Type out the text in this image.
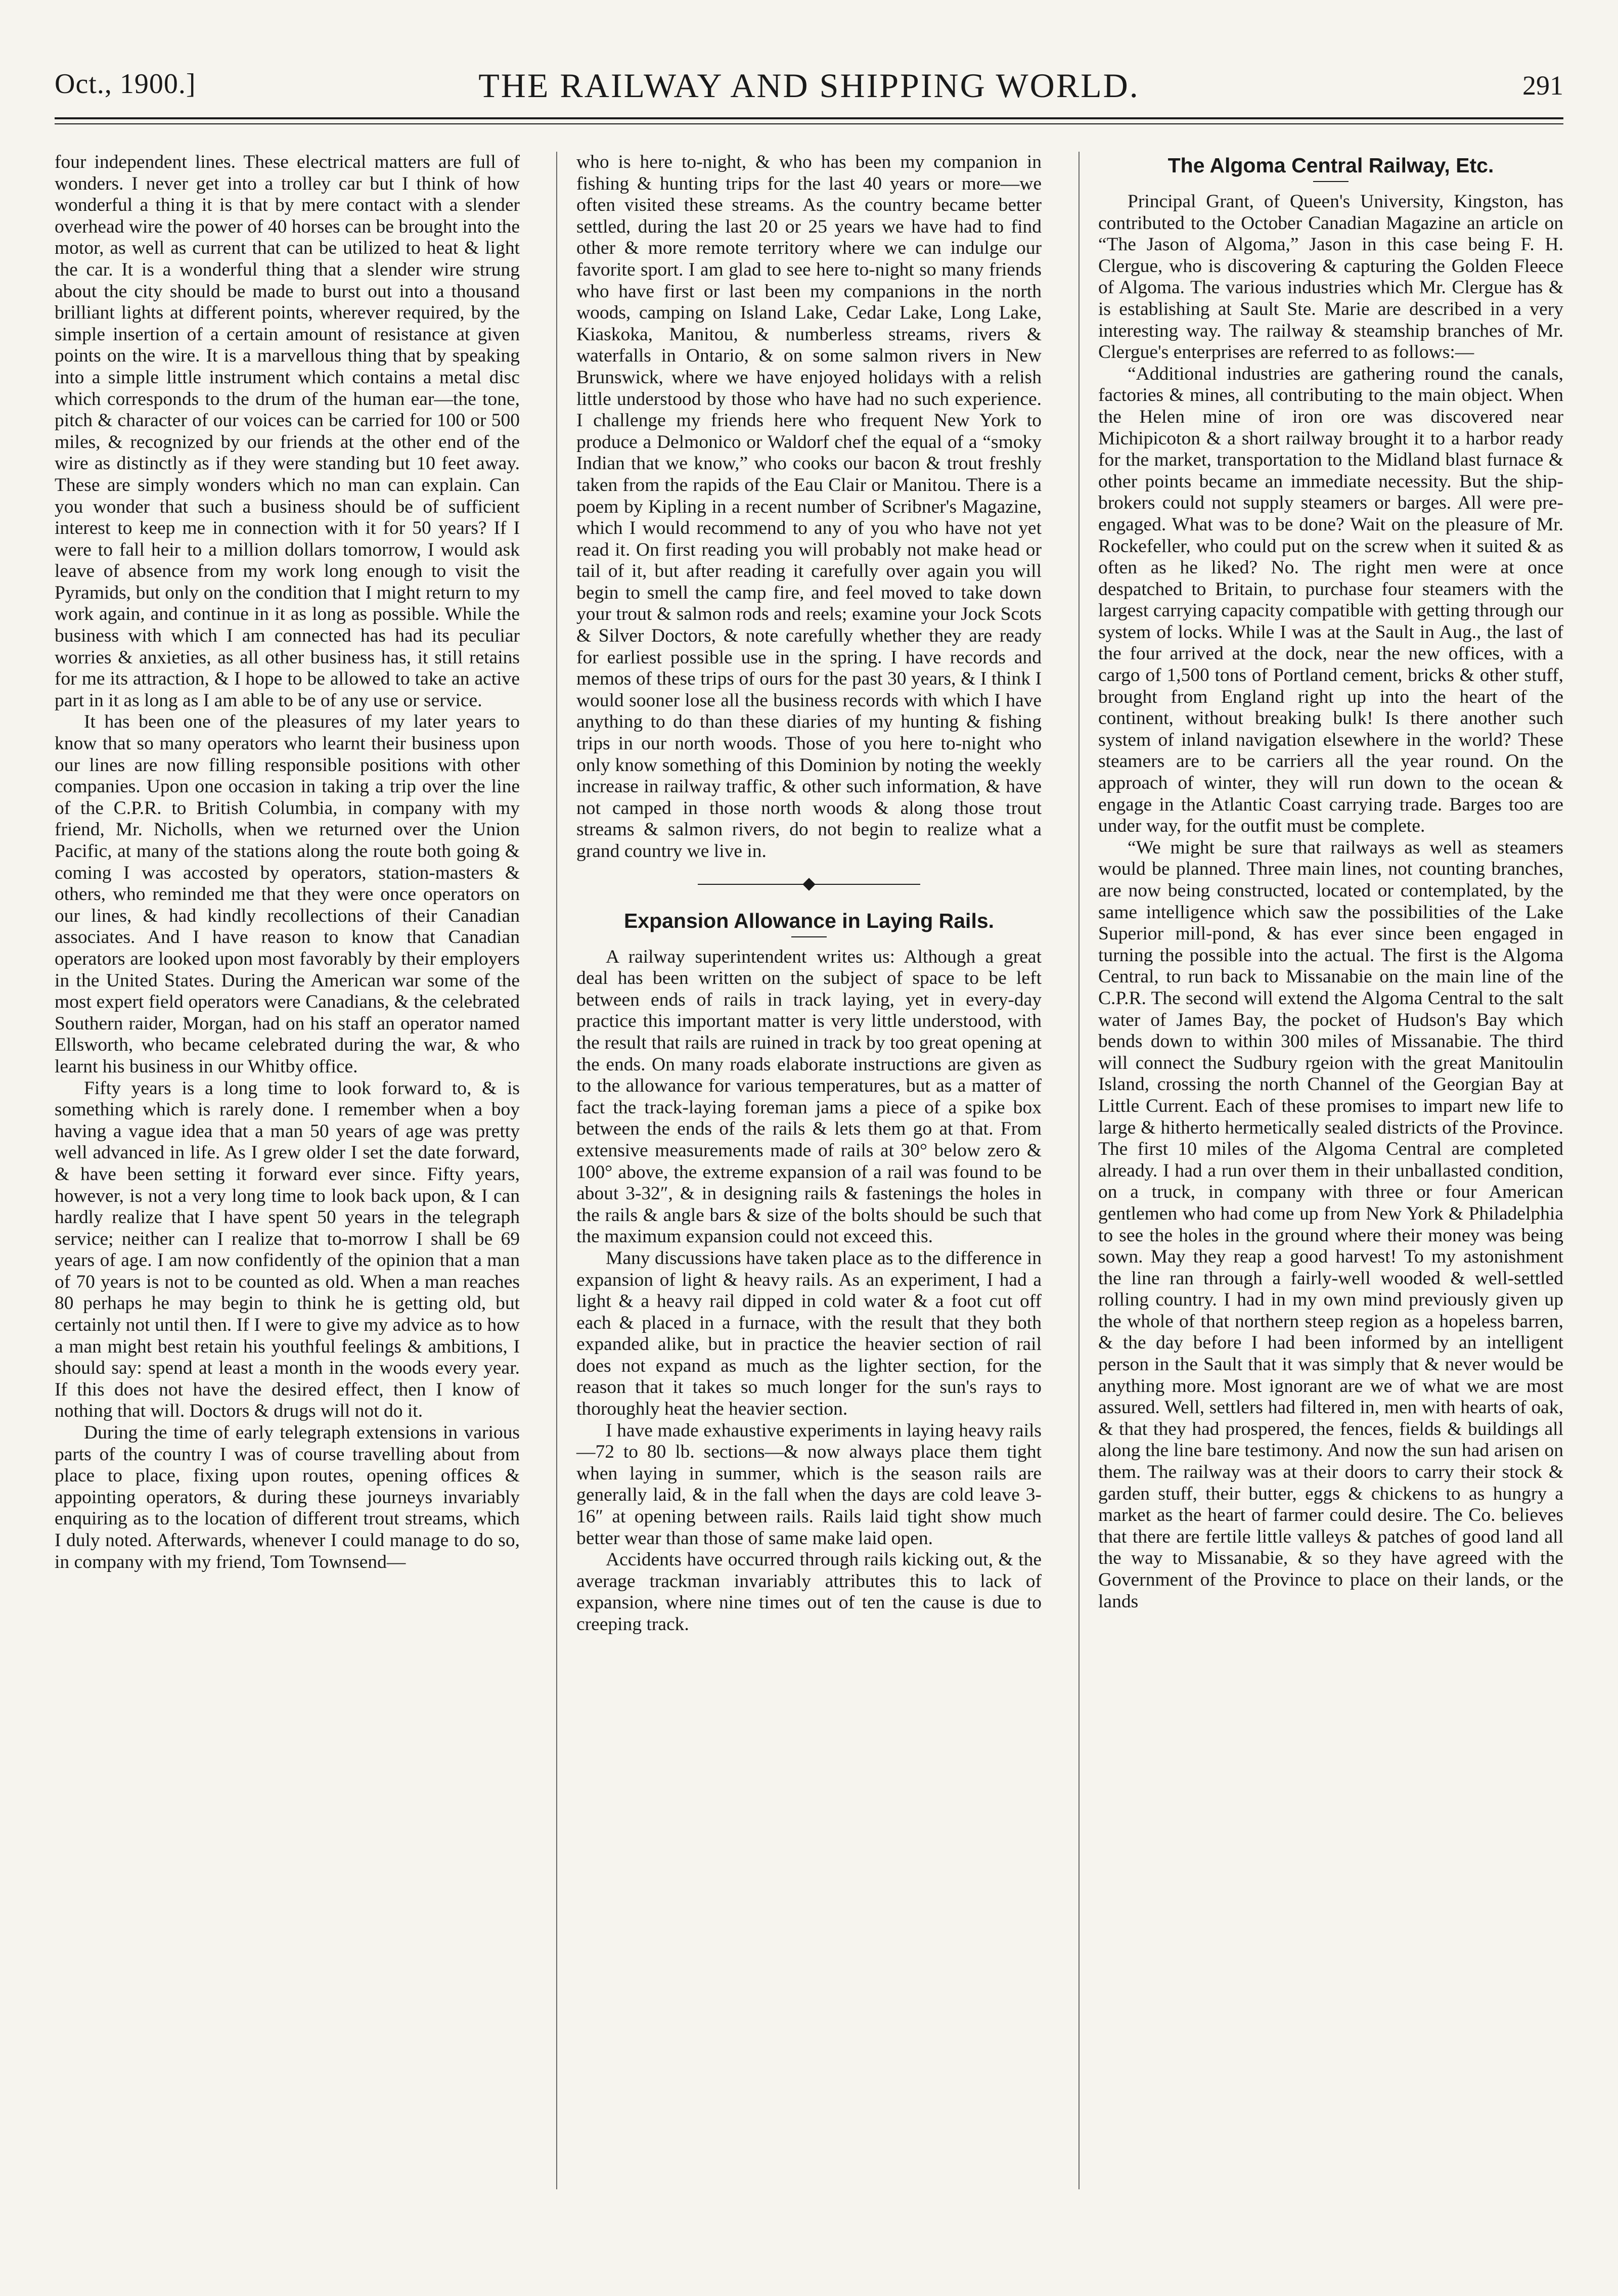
Oct., 1900.]	THE RAILWAY AND SHIPPING WORLD.	291

four independent lines. These electrical matters are full of wonders. I never get into a trolley car but I think of how wonderful a thing it is that by mere contact with a slender overhead wire the power of 40 horses can be brought into the motor, as well as current that can be utilized to heat & light the car. It is a wonderful thing that a slender wire strung about the city should be made to burst out into a thousand brilliant lights at different points, wherever required, by the simple insertion of a certain amount of resistance at given points on the wire. It is a marvellous thing that by speaking into a simple little instrument which contains a metal disc which corresponds to the drum of the human ear—the tone, pitch & character of our voices can be carried for 100 or 500 miles, & recognized by our friends at the other end of the wire as distinctly as if they were standing but 10 feet away. These are simply wonders which no man can explain. Can you wonder that such a business should be of sufficient interest to keep me in connection with it for 50 years? If I were to fall heir to a million dollars tomorrow, I would ask leave of absence from my work long enough to visit the Pyramids, but only on the condition that I might return to my work again, and continue in it as long as possible. While the business with which I am connected has had its peculiar worries & anxieties, as all other business has, it still retains for me its attraction, & I hope to be allowed to take an active part in it as long as I am able to be of any use or service.

It has been one of the pleasures of my later years to know that so many operators who learnt their business upon our lines are now filling responsible positions with other companies. Upon one occasion in taking a trip over the line of the C.P.R. to British Columbia, in company with my friend, Mr. Nicholls, when we returned over the Union Pacific, at many of the stations along the route both going & coming I was accosted by operators, station-masters & others, who reminded me that they were once operators on our lines, & had kindly recollections of their Canadian associates. And I have reason to know that Canadian operators are looked upon most favorably by their employers in the United States. During the American war some of the most expert field operators were Canadians, & the celebrated Southern raider, Morgan, had on his staff an operator named Ellsworth, who became celebrated during the war, & who learnt his business in our Whitby office.

Fifty years is a long time to look forward to, & is something which is rarely done. I remember when a boy having a vague idea that a man 50 years of age was pretty well advanced in life. As I grew older I set the date forward, & have been setting it forward ever since. Fifty years, however, is not a very long time to look back upon, & I can hardly realize that I have spent 50 years in the telegraph service; neither can I realize that to-morrow I shall be 69 years of age. I am now confidently of the opinion that a man of 70 years is not to be counted as old. When a man reaches 80 perhaps he may begin to think he is getting old, but certainly not until then. If I were to give my advice as to how a man might best retain his youthful feelings & ambitions, I should say: spend at least a month in the woods every year. If this does not have the desired effect, then I know of nothing that will. Doctors & drugs will not do it.

During the time of early telegraph extensions in various parts of the country I was of course travelling about from place to place, fixing upon routes, opening offices & appointing operators, & during these journeys invariably enquiring as to the location of different trout streams, which I duly noted. Afterwards, whenever I could manage to do so, in company with my friend, Tom Townsend—

who is here to-night, & who has been my companion in fishing & hunting trips for the last 40 years or more—we often visited these streams. As the country became better settled, during the last 20 or 25 years we have had to find other & more remote territory where we can indulge our favorite sport. I am glad to see here to-night so many friends who have first or last been my companions in the north woods, camping on Island Lake, Cedar Lake, Long Lake, Kiaskoka, Manitou, & numberless streams, rivers & waterfalls in Ontario, & on some salmon rivers in New Brunswick, where we have enjoyed holidays with a relish little understood by those who have had no such experience. I challenge my friends here who frequent New York to produce a Delmonico or Waldorf chef the equal of a “smoky Indian that we know,” who cooks our bacon & trout freshly taken from the rapids of the Eau Clair or Manitou. There is a poem by Kipling in a recent number of Scribner's Magazine, which I would recommend to any of you who have not yet read it. On first reading you will probably not make head or tail of it, but after reading it carefully over again you will begin to smell the camp fire, and feel moved to take down your trout & salmon rods and reels; examine your Jock Scots & Silver Doctors, & note carefully whether they are ready for earliest possible use in the spring. I have records and memos of these trips of ours for the past 30 years, & I think I would sooner lose all the business records with which I have anything to do than these diaries of my hunting & fishing trips in our north woods. Those of you here to-night who only know something of this Dominion by noting the weekly increase in railway traffic, & other such information, & have not camped in those north woods & along those trout streams & salmon rivers, do not begin to realize what a grand country we live in.

Expansion Allowance in Laying Rails.

A railway superintendent writes us: Although a great deal has been written on the subject of space to be left between ends of rails in track laying, yet in every-day practice this important matter is very little understood, with the result that rails are ruined in track by too great opening at the ends. On many roads elaborate instructions are given as to the allowance for various temperatures, but as a matter of fact the track-laying foreman jams a piece of a spike box between the ends of the rails & lets them go at that. From extensive measurements made of rails at 30° below zero & 100° above, the extreme expansion of a rail was found to be about 3-32″, & in designing rails & fastenings the holes in the rails & angle bars & size of the bolts should be such that the maximum expansion could not exceed this.

Many discussions have taken place as to the difference in expansion of light & heavy rails. As an experiment, I had a light & a heavy rail dipped in cold water & a foot cut off each & placed in a furnace, with the result that they both expanded alike, but in practice the heavier section of rail does not expand as much as the lighter section, for the reason that it takes so much longer for the sun's rays to thoroughly heat the heavier section.

I have made exhaustive experiments in laying heavy rails—72 to 80 lb. sections—& now always place them tight when laying in summer, which is the season rails are generally laid, & in the fall when the days are cold leave 3-16″ at opening between rails. Rails laid tight show much better wear than those of same make laid open.

Accidents have occurred through rails kicking out, & the average trackman invariably attributes this to lack of expansion, where nine times out of ten the cause is due to creeping track.

The Algoma Central Railway, Etc.

Principal Grant, of Queen's University, Kingston, has contributed to the October Canadian Magazine an article on “The Jason of Algoma,” Jason in this case being F. H. Clergue, who is discovering & capturing the Golden Fleece of Algoma. The various industries which Mr. Clergue has & is establishing at Sault Ste. Marie are described in a very interesting way. The railway & steamship branches of Mr. Clergue's enterprises are referred to as follows:—

“Additional industries are gathering round the canals, factories & mines, all contributing to the main object. When the Helen mine of iron ore was discovered near Michipicoton & a short railway brought it to a harbor ready for the market, transportation to the Midland blast furnace & other points became an immediate necessity. But the ship-brokers could not supply steamers or barges. All were pre-engaged. What was to be done? Wait on the pleasure of Mr. Rockefeller, who could put on the screw when it suited & as often as he liked? No. The right men were at once despatched to Britain, to purchase four steamers with the largest carrying capacity compatible with getting through our system of locks. While I was at the Sault in Aug., the last of the four arrived at the dock, near the new offices, with a cargo of 1,500 tons of Portland cement, bricks & other stuff, brought from England right up into the heart of the continent, without breaking bulk! Is there another such system of inland navigation elsewhere in the world? These steamers are to be carriers all the year round. On the approach of winter, they will run down to the ocean & engage in the Atlantic Coast carrying trade. Barges too are under way, for the outfit must be complete.

“We might be sure that railways as well as steamers would be planned. Three main lines, not counting branches, are now being constructed, located or contemplated, by the same intelligence which saw the possibilities of the Lake Superior mill-pond, & has ever since been engaged in turning the possible into the actual. The first is the Algoma Central, to run back to Missanabie on the main line of the C.P.R. The second will extend the Algoma Central to the salt water of James Bay, the pocket of Hudson's Bay which bends down to within 300 miles of Missanabie. The third will connect the Sudbury rgeion with the great Manitoulin Island, crossing the north Channel of the Georgian Bay at Little Current. Each of these promises to impart new life to large & hitherto hermetically sealed districts of the Province. The first 10 miles of the Algoma Central are completed already. I had a run over them in their unballasted condition, on a truck, in company with three or four American gentlemen who had come up from New York & Philadelphia to see the holes in the ground where their money was being sown. May they reap a good harvest! To my astonishment the line ran through a fairly-well wooded & well-settled rolling country. I had in my own mind previously given up the whole of that northern steep region as a hopeless barren, & the day before I had been informed by an intelligent person in the Sault that it was simply that & never would be anything more. Most ignorant are we of what we are most assured. Well, settlers had filtered in, men with hearts of oak, & that they had prospered, the fences, fields & buildings all along the line bare testimony. And now the sun had arisen on them. The railway was at their doors to carry their stock & garden stuff, their butter, eggs & chickens to as hungry a market as the heart of farmer could desire. The Co. believes that there are fertile little valleys & patches of good land all the way to Missanabie, & so they have agreed with the Government of the Province to place on their lands, or the lands
